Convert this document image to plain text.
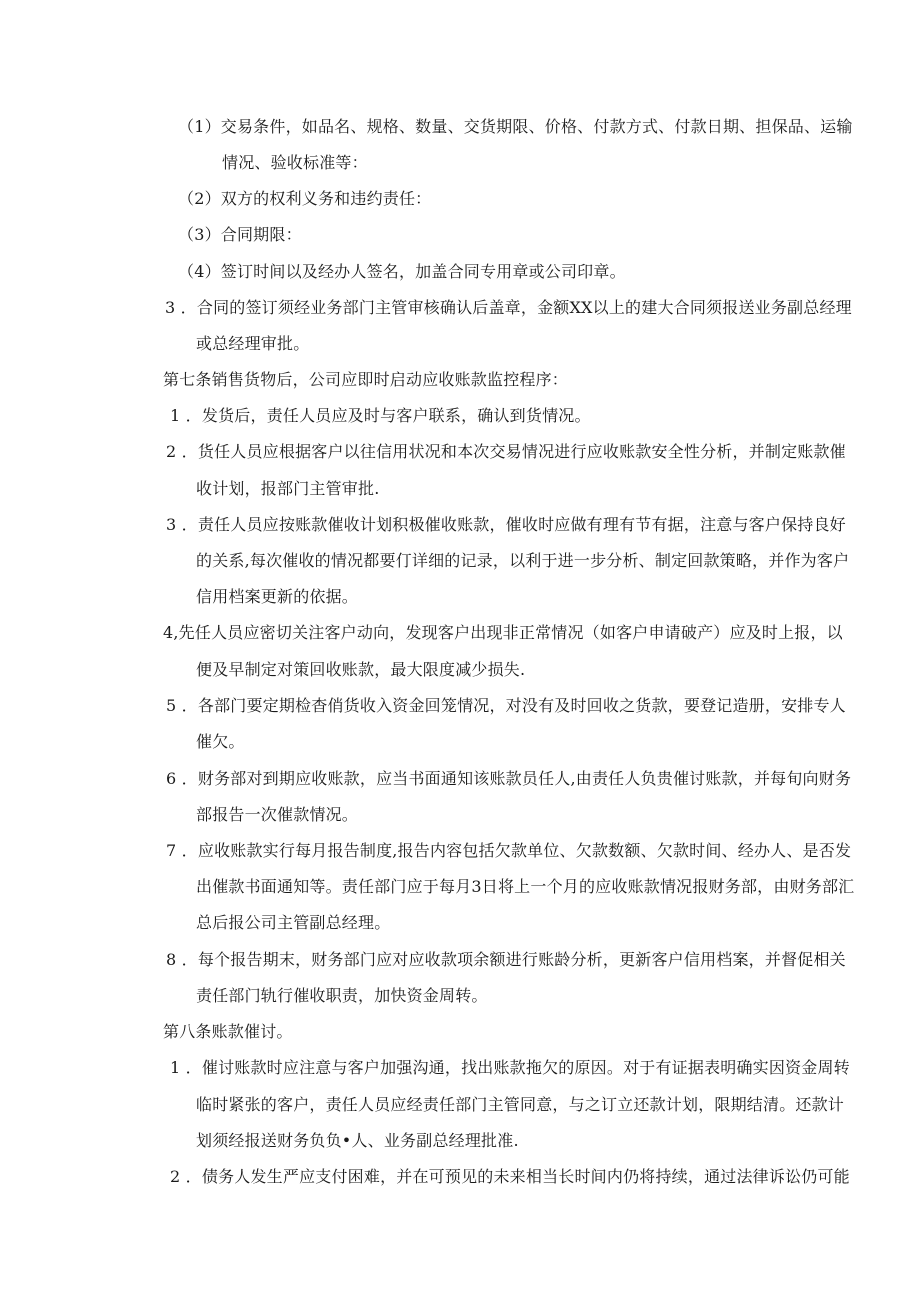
（1）交易条件，如品名、规格、数量、交货期限、价格、付款方式、付款日期、担保品、运输
情况、验收标准等：
（2）双方的权利义务和违约责任：
（3）合同期限：
（4）签订时间以及经办人签名，加盖合同专用章或公司印章。
3 ．合同的签订须经业务部门主管审核确认后盖章，金额XX以上的建大合同须报送业务副总经理
或总经理审批。
第七条销售货物后，公司应即时启动应收账款监控程序：
1 ．发货后，责任人员应及时与客户联系，确认到货情况。
2 ．货任人员应根据客户以往信用状况和本次交易情况进行应收账款安全性分析，并制定账款催
收计划，报部门主管审批.
3 ．责任人员应按账款催收计划积极催收账款，催收时应做有理有节有据，注意与客户保持良好
的关系,每次催收的情况都要仃详细的记录，以利于进一步分析、制定回款策略，并作为客户
信用档案更新的依据。
4,先任人员应密切关注客户动向，发现客户出现非正常情况（如客户申请破产）应及时上报，以
便及早制定对策回收账款，最大限度减少损失.
5 ．各部门要定期检杳俏货收入资金回笼情况，对没有及时回收之货款，要登记造册，安排专人
催欠。
6 ．财务部对到期应收账款，应当书面通知该账款员任人,由责任人负贵催讨账款，并每旬向财务
部报告一次催款情况。
7 ．应收账款实行每月报告制度,报告内容包括欠款单位、欠款数额、欠款时间、经办人、是否发
出催款书面通知等。责任部门应于每月3日将上一个月的应收账款情况报财务部，由财务部汇
总后报公司主管副总经理。
8 ．每个报告期末，财务部门应对应收款项余额进行账龄分析，更新客户信用档案，并督促相关
责任部门轨行催收职责，加快资金周转。
第八条账款催讨。
1 ．催讨账款时应注意与客户加强沟通，找出账款拖欠的原因。对于有证据表明确实因资金周转
临时紧张的客户，责任人员应经责任部门主管同意，与之订立还款计划，限期结清。还款计
划须经报送财务负负•人、业务副总经理批准.
2 ．债务人发生严应支付困难，并在可预见的未来相当长时间内仍将持续，通过法律诉讼仍可能
